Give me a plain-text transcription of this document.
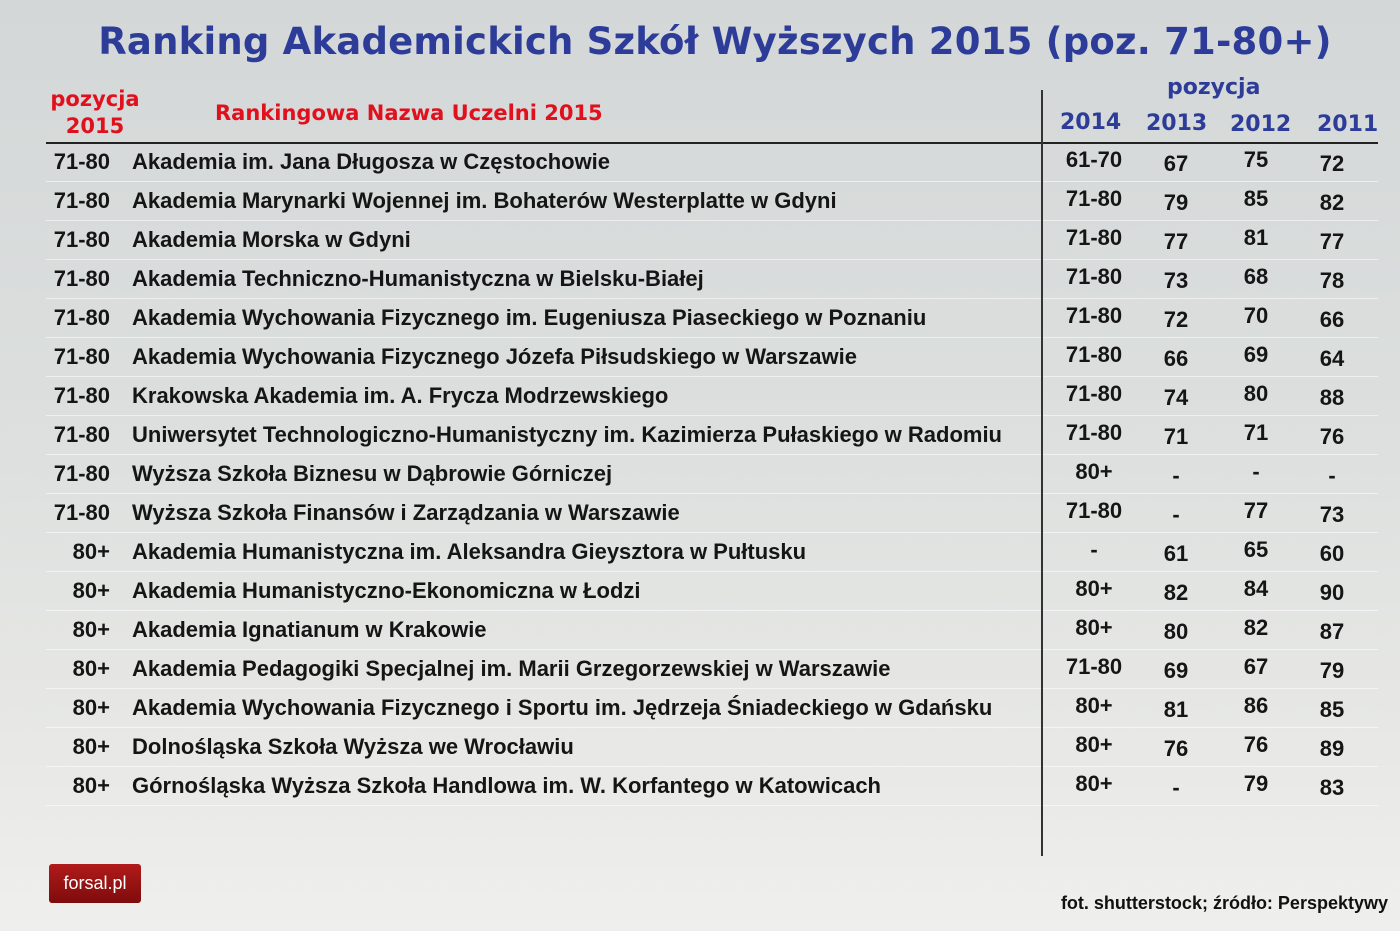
Ranking Akademickich Szkół Wyższych 2015 (poz. 71-80+)
pozycja
2015
Rankingowa Nazwa Uczelni 2015
pozycja
2014 2013 2012 2011
71-80 Akademia im. Jana Długosza w Częstochowie	61-70	67	75	72
71-80 Akademia Marynarki Wojennej im. Bohaterów Westerplatte w Gdyni	71-80	79	85	82
71-80 Akademia Morska w Gdyni	71-80	77	81	77
71-80 Akademia Techniczno-Humanistyczna w Bielsku-Białej	71-80	73	68	78
71-80 Akademia Wychowania Fizycznego im. Eugeniusza Piaseckiego w Poznaniu	71-80	72	70	66
71-80 Akademia Wychowania Fizycznego Józefa Piłsudskiego w Warszawie	71-80	66	69	64
71-80 Krakowska Akademia im. A. Frycza Modrzewskiego	71-80	74	80	88
71-80 Uniwersytet Technologiczno-Humanistyczny im. Kazimierza Pułaskiego w Radomiu	71-80	71	71	76
71-80 Wyższa Szkoła Biznesu w Dąbrowie Górniczej	80+	-	-	-
71-80 Wyższa Szkoła Finansów i Zarządzania w Warszawie	71-80	-	77	73
80+ Akademia Humanistyczna im. Aleksandra Gieysztora w Pułtusku	-	61	65	60
80+ Akademia Humanistyczno-Ekonomiczna w Łodzi	80+	82	84	90
80+ Akademia Ignatianum w Krakowie	80+	80	82	87
80+ Akademia Pedagogiki Specjalnej im. Marii Grzegorzewskiej w Warszawie	71-80	69	67	79
80+ Akademia Wychowania Fizycznego i Sportu im. Jędrzeja Śniadeckiego w Gdańsku	80+	81	86	85
80+ Dolnośląska Szkoła Wyższa we Wrocławiu	80+	76	76	89
80+ Górnośląska Wyższa Szkoła Handlowa im. W. Korfantego w Katowicach	80+	-	79	83
forsal.pl
fot. shutterstock; źródło: Perspektywy
